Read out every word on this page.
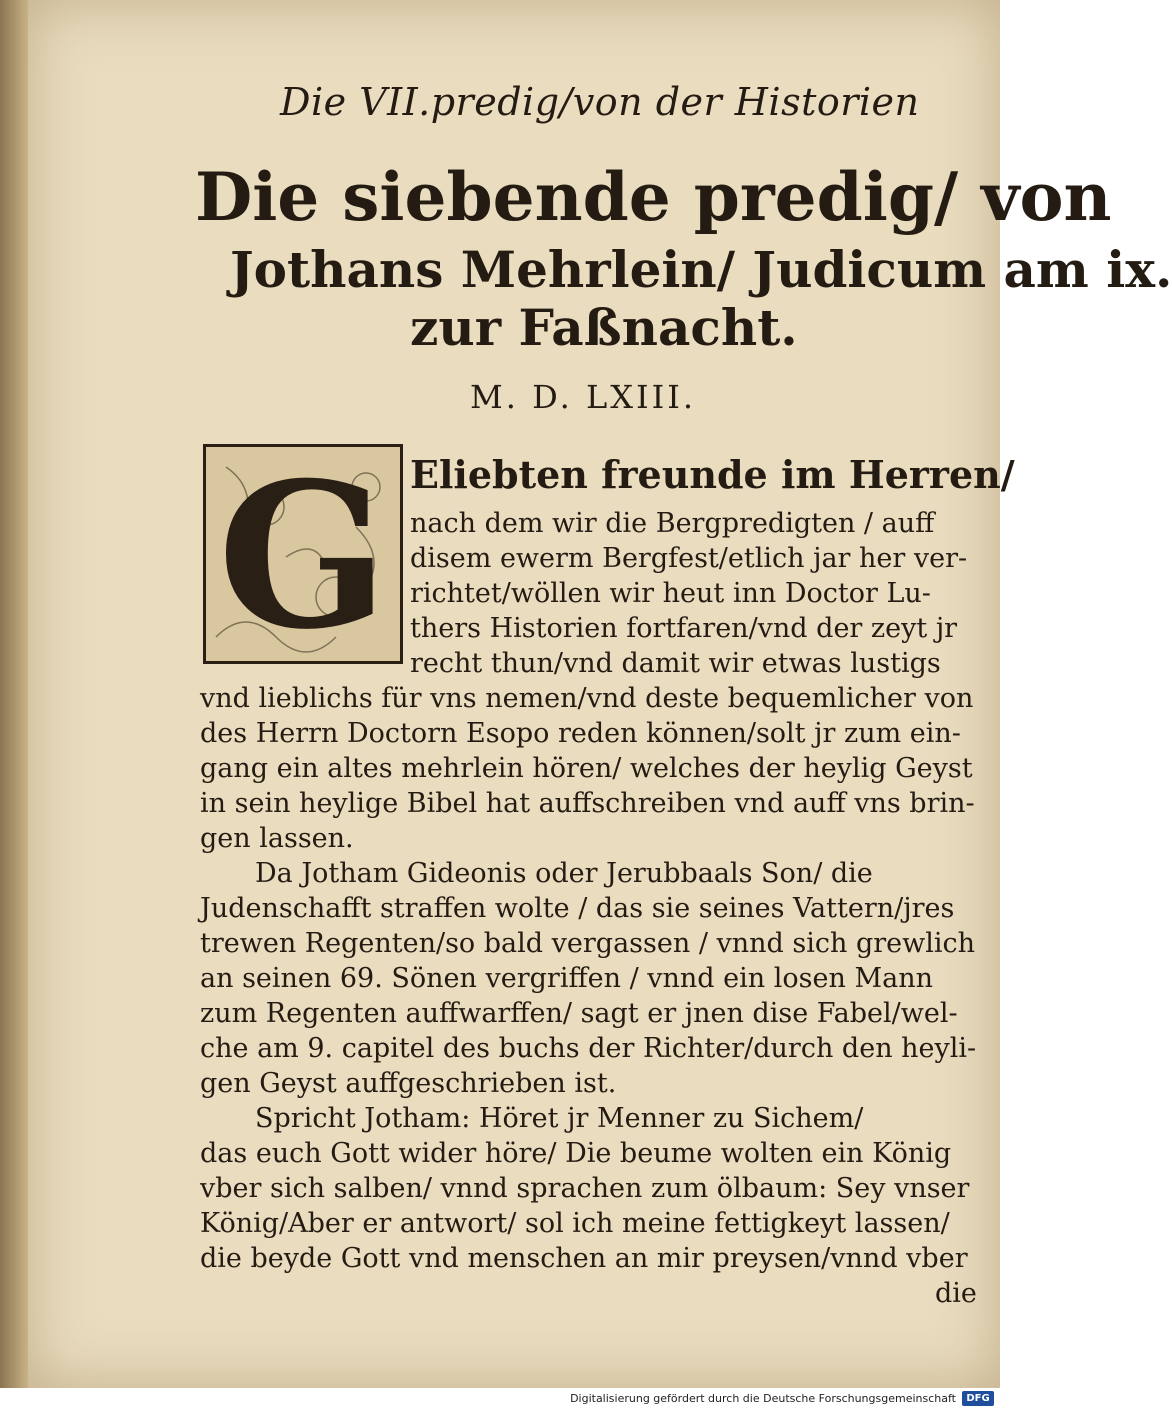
Die VII.predig/von der Historien
Die siebende predig/ von
Jothans Mehrlein/ Judicum am ix.
zur Faßnacht.
M. D. LXIII.
G Eliebten freunde im Herren/
nach dem wir die Bergpredigten / auff
disem ewerm Bergfest/etlich jar her ver-
richtet/wöllen wir heut inn Doctor Lu-
thers Historien fortfaren/vnd der zeyt jr
recht thun/vnd damit wir etwas lustigs
vnd lieblichs für vns nemen/vnd deste bequemlicher von
des Herrn Doctorn Esopo reden können/solt jr zum ein-
gang ein altes mehrlein hören/ welches der heylig Geyst
in sein heylige Bibel hat auffschreiben vnd auff vns brin-
gen lassen.
Da Jotham Gideonis oder Jerubbaals Son/ die
Judenschafft straffen wolte / das sie seines Vattern/jres
trewen Regenten/so bald vergassen / vnnd sich grewlich
an seinen 69. Sönen vergriffen / vnnd ein losen Mann
zum Regenten auffwarffen/ sagt er jnen dise Fabel/wel-
che am 9. capitel des buchs der Richter/durch den heyli-
gen Geyst auffgeschrieben ist.
Spricht Jotham: Höret jr Menner zu Sichem/
das euch Gott wider höre/ Die beume wolten ein König
vber sich salben/ vnnd sprachen zum ölbaum: Sey vnser
König/Aber er antwort/ sol ich meine fettigkeyt lassen/
die beyde Gott vnd menschen an mir preysen/vnnd vber
die
Digitalisierung gefördert durch die Deutsche Forschungsgemeinschaft	DFG
